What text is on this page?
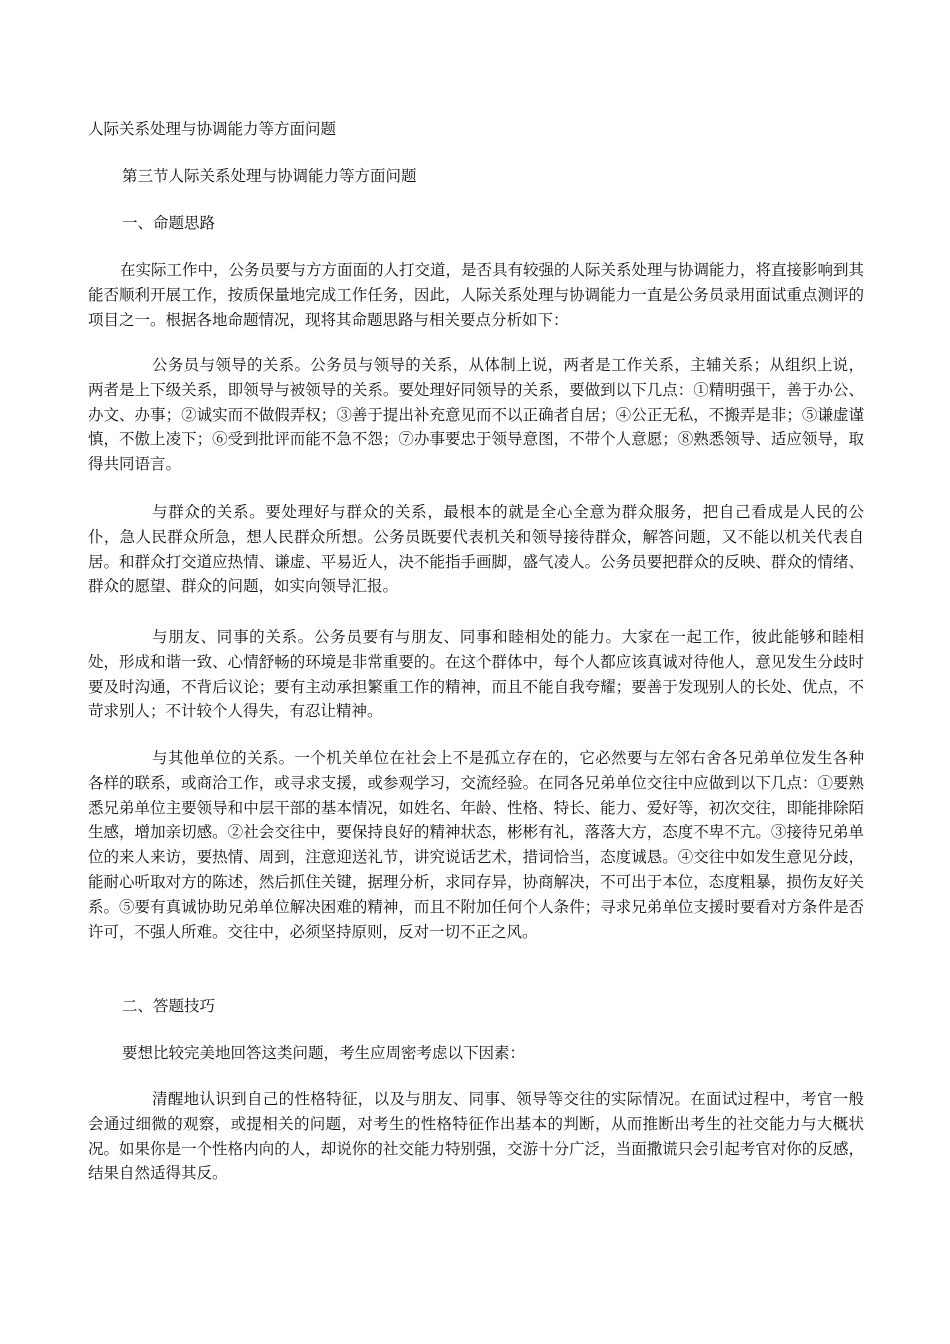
人际关系处理与协调能力等方面问题
第三节人际关系处理与协调能力等方面问题
一、命题思路
在实际工作中，公务员要与方方面面的人打交道，是否具有较强的人际关系处理与协调能力，将直接影响到其能否顺利开展工作，按质保量地完成工作任务，因此，人际关系处理与协调能力一直是公务员录用面试重点测评的项目之一。根据各地命题情况，现将其命题思路与相关要点分析如下：
公务员与领导的关系。公务员与领导的关系，从体制上说，两者是工作关系，主辅关系；从组织上说，两者是上下级关系，即领导与被领导的关系。要处理好同领导的关系，要做到以下几点：①精明强干，善于办公、办文、办事；②诚实而不做假弄权；③善于提出补充意见而不以正确者自居；④公正无私，不搬弄是非；⑤谦虚谨慎，不傲上凌下；⑥受到批评而能不急不怨；⑦办事要忠于领导意图，不带个人意愿；⑧熟悉领导、适应领导，取得共同语言。
与群众的关系。要处理好与群众的关系，最根本的就是全心全意为群众服务，把自己看成是人民的公仆，急人民群众所急，想人民群众所想。公务员既要代表机关和领导接待群众，解答问题，又不能以机关代表自居。和群众打交道应热情、谦虚、平易近人，决不能指手画脚，盛气凌人。公务员要把群众的反映、群众的情绪、群众的愿望、群众的问题，如实向领导汇报。
与朋友、同事的关系。公务员要有与朋友、同事和睦相处的能力。大家在一起工作，彼此能够和睦相处，形成和谐一致、心情舒畅的环境是非常重要的。在这个群体中，每个人都应该真诚对待他人，意见发生分歧时要及时沟通，不背后议论；要有主动承担繁重工作的精神，而且不能自我夸耀；要善于发现别人的长处、优点，不苛求别人；不计较个人得失，有忍让精神。
与其他单位的关系。一个机关单位在社会上不是孤立存在的，它必然要与左邻右舍各兄弟单位发生各种各样的联系，或商洽工作，或寻求支援，或参观学习，交流经验。在同各兄弟单位交往中应做到以下几点：①要熟悉兄弟单位主要领导和中层干部的基本情况，如姓名、年龄、性格、特长、能力、爱好等，初次交往，即能排除陌生感，增加亲切感。②社会交往中，要保持良好的精神状态，彬彬有礼，落落大方，态度不卑不亢。③接待兄弟单位的来人来访，要热情、周到，注意迎送礼节，讲究说话艺术，措词恰当，态度诚恳。④交往中如发生意见分歧，能耐心听取对方的陈述，然后抓住关键，据理分析，求同存异，协商解决，不可出于本位，态度粗暴，损伤友好关系。⑤要有真诚协助兄弟单位解决困难的精神，而且不附加任何个人条件；寻求兄弟单位支援时要看对方条件是否许可，不强人所难。交往中，必须坚持原则，反对一切不正之风。
二、答题技巧
要想比较完美地回答这类问题，考生应周密考虑以下因素：
清醒地认识到自己的性格特征，以及与朋友、同事、领导等交往的实际情况。在面试过程中，考官一般会通过细微的观察，或提相关的问题，对考生的性格特征作出基本的判断，从而推断出考生的社交能力与大概状况。如果你是一个性格内向的人，却说你的社交能力特别强，交游十分广泛，当面撒谎只会引起考官对你的反感，结果自然适得其反。
